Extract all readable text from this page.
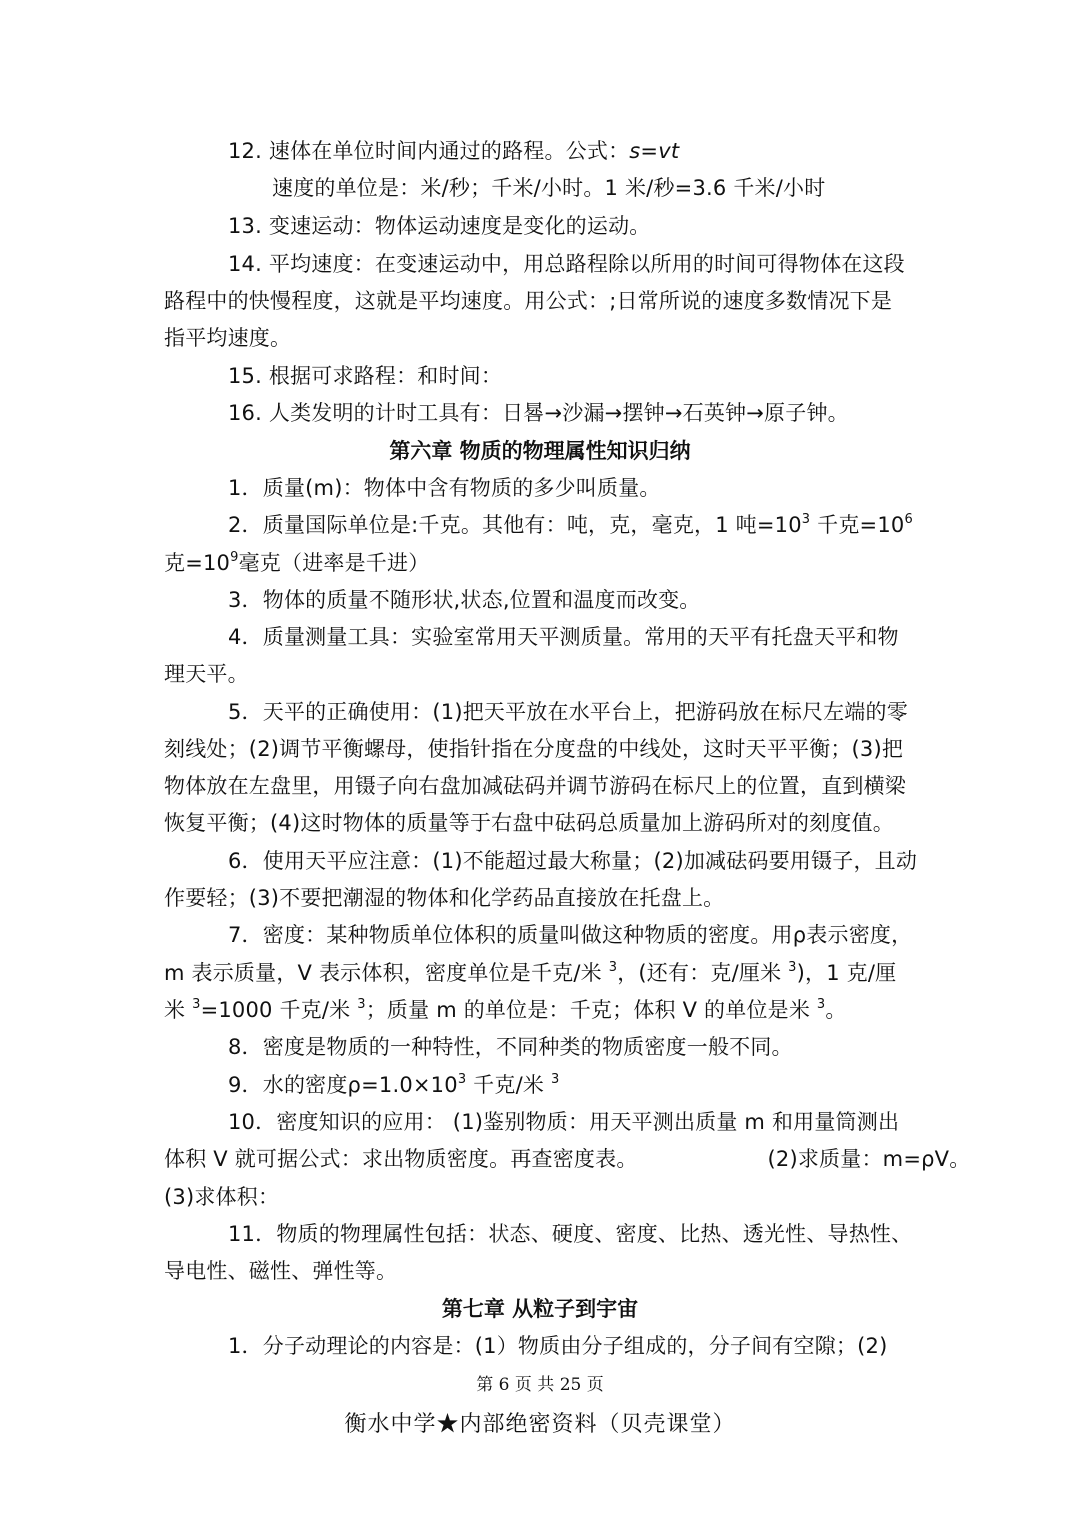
12. 速体在单位时间内通过的路程。公式：s=vt
速度的单位是：米/秒；千米/小时。1 米/秒=3.6 千米/小时
13. 变速运动：物体运动速度是变化的运动。
14. 平均速度：在变速运动中，用总路程除以所用的时间可得物体在这段
路程中的快慢程度，这就是平均速度。用公式：;日常所说的速度多数情况下是
指平均速度。
15. 根据可求路程：和时间：
16. 人类发明的计时工具有：日晷→沙漏→摆钟→石英钟→原子钟。
第六章 物质的物理属性知识归纳
1．质量(m)：物体中含有物质的多少叫质量。
2．质量国际单位是:千克。其他有：吨，克，毫克，1 吨$=10^3$ 千克$=10^6$
克$=10^9$毫克（进率是千进）
3．物体的质量不随形状,状态,位置和温度而改变。
4．质量测量工具：实验室常用天平测质量。常用的天平有托盘天平和物
理天平。
5．天平的正确使用：(1)把天平放在水平台上，把游码放在标尺左端的零
刻线处；(2)调节平衡螺母，使指针指在分度盘的中线处，这时天平平衡；(3)把
物体放在左盘里，用镊子向右盘加减砝码并调节游码在标尺上的位置，直到横梁
恢复平衡；(4)这时物体的质量等于右盘中砝码总质量加上游码所对的刻度值。
6．使用天平应注意：(1)不能超过最大称量；(2)加减砝码要用镊子，且动
作要轻；(3)不要把潮湿的物体和化学药品直接放在托盘上。
7．密度：某种物质单位体积的质量叫做这种物质的密度。用ρ表示密度，
m 表示质量，V 表示体积，密度单位是千克/米 $^3$，(还有：克/厘米 $^3$)，1 克/厘
米 $^3$=1000 千克/米 $^3$；质量 m 的单位是：千克；体积 V 的单位是米 $^3$。
8．密度是物质的一种特性，不同种类的物质密度一般不同。
9．水的密度$\rho=1.0\times 10^3$ 千克/米 $^3$
10．密度知识的应用： (1)鉴别物质：用天平测出质量 m 和用量筒测出
体积 V 就可据公式：求出物质密度。再查密度表。	(2)求质量：m=ρV。
(3)求体积：
11．物质的物理属性包括：状态、硬度、密度、比热、透光性、导热性、
导电性、磁性、弹性等。
第七章 从粒子到宇宙
1．分子动理论的内容是：(1）物质由分子组成的，分子间有空隙；(2)
第 6 页 共 25 页
衡水中学★内部绝密资料（贝壳课堂）
